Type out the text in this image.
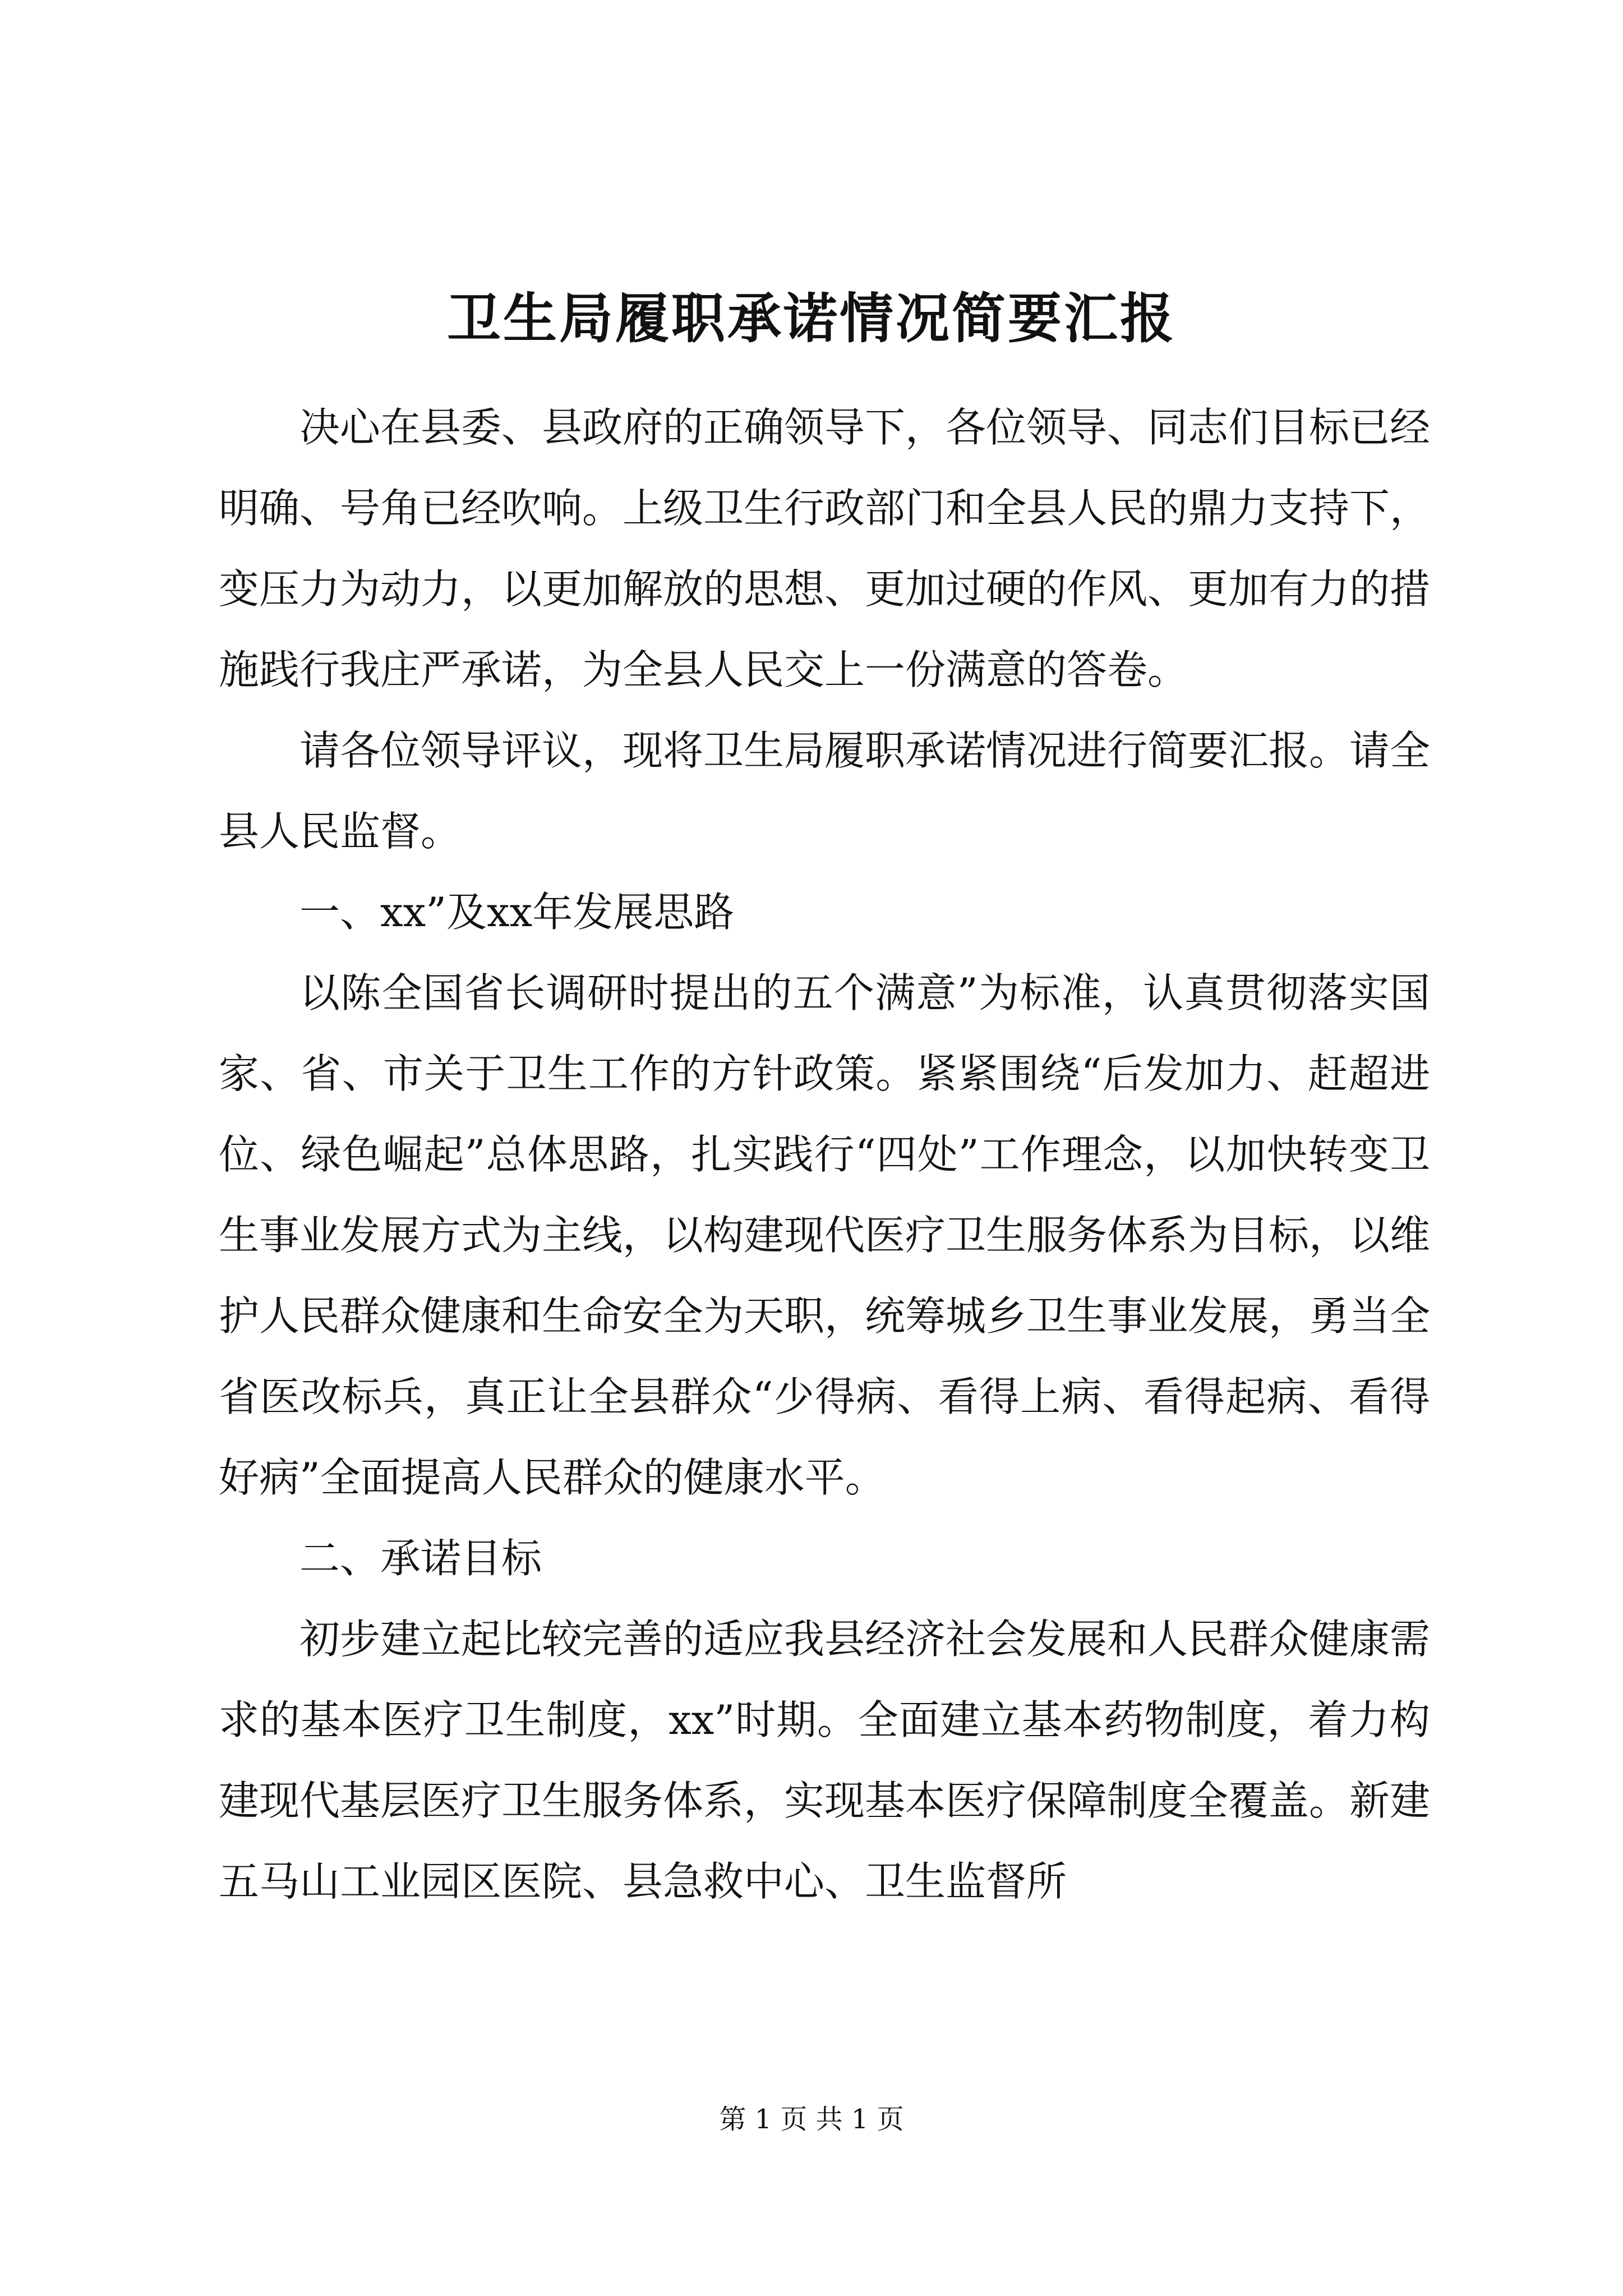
卫生局履职承诺情况简要汇报

决心在县委、县政府的正确领导下，各位领导、同志们目标已经明确、号角已经吹响。上级卫生行政部门和全县人民的鼎力支持下，变压力为动力，以更加解放的思想、更加过硬的作风、更加有力的措施践行我庄严承诺，为全县人民交上一份满意的答卷。

请各位领导评议，现将卫生局履职承诺情况进行简要汇报。请全县人民监督。

一、xx”及xx年发展思路

以陈全国省长调研时提出的五个满意”为标准，认真贯彻落实国家、省、市关于卫生工作的方针政策。紧紧围绕“后发加力、赶超进位、绿色崛起”总体思路，扎实践行“四处”工作理念，以加快转变卫生事业发展方式为主线，以构建现代医疗卫生服务体系为目标，以维护人民群众健康和生命安全为天职，统筹城乡卫生事业发展，勇当全省医改标兵，真正让全县群众“少得病、看得上病、看得起病、看得好病”全面提高人民群众的健康水平。

二、承诺目标

初步建立起比较完善的适应我县经济社会发展和人民群众健康需求的基本医疗卫生制度，xx”时期。全面建立基本药物制度，着力构建现代基层医疗卫生服务体系，实现基本医疗保障制度全覆盖。新建五马山工业园区医院、县急救中心、卫生监督所

第 1 页 共 1 页
